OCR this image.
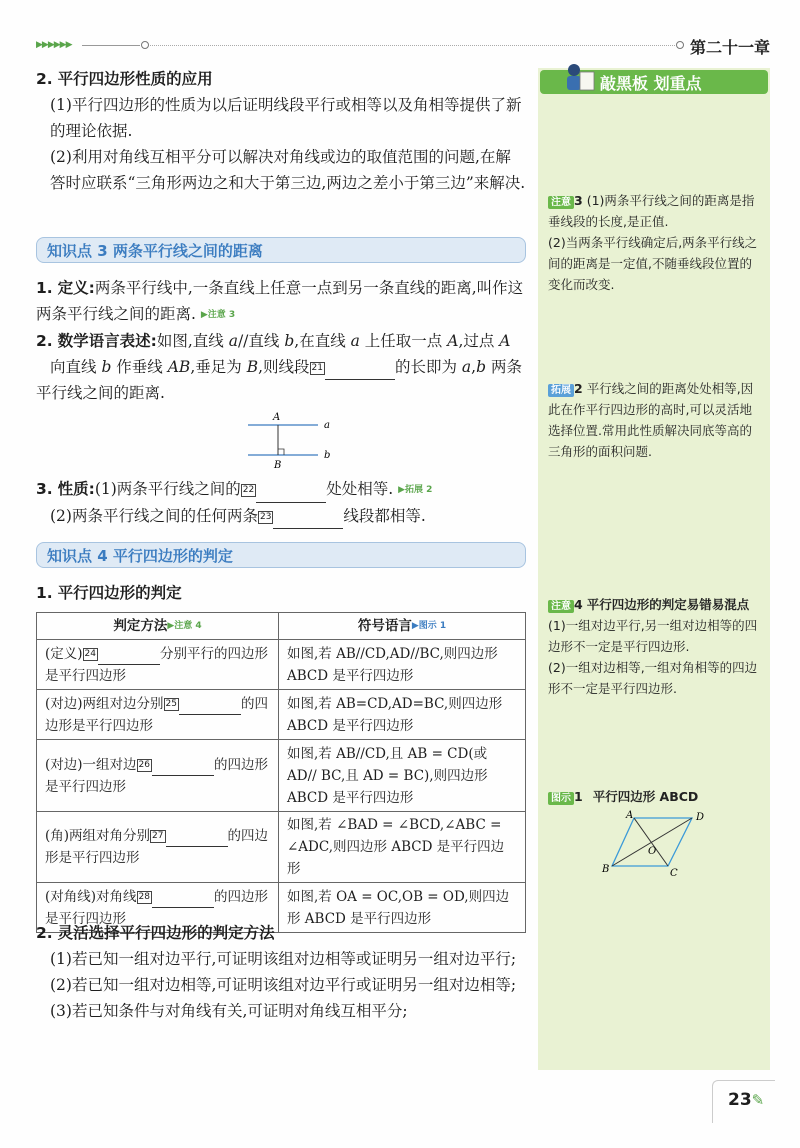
▶▶▶▶▶▶	第二十一章
2. 平行四边形性质的应用
(1)平行四边形的性质为以后证明线段平行或相等以及角相等提供了新的理论依据.
(2)利用对角线互相平分可以解决对角线或边的取值范围的问题,在解答时应联系“三角形两边之和大于第三边,两边之差小于第三边”来解决.
知识点 3 两条平行线之间的距离
1. 定义:两条平行线中,一条直线上任意一点到另一条直线的距离,叫作这两条平行线之间的距离. ▶注意 3
2. 数学语言表述:如图,直线 a//直线 b,在直线 a 上任取一点 A,过点 A
向直线 b 作垂线 AB,垂足为 B,则线段 21	的长即为 a,b 两条平行线之间的距离.
A
B
a
b
3. 性质:(1)两条平行线之间的 22	处处相等. ▶拓展 2
(2)两条平行线之间的任何两条 23	线段都相等.
知识点 4 平行四边形的判定
1. 平行四边形的判定
判定方法▶注意 4	符号语言▶图示 1
(定义) 24 分别平行的四边形是平行四边形	如图,若 AB//CD,AD//BC,则四边形 ABCD 是平行四边形
(对边)两组对边分别 25 的四边形是平行四边形	如图,若 AB=CD,AD=BC,则四边形 ABCD 是平行四边形
(对边)一组对边 26 的四边形是平行四边形	如图,若 AB//CD,且 AB = CD(或 AD// BC,且 AD = BC),则四边形 ABCD 是平行四边形
(角)两组对角分别 27 的四边形是平行四边形	如图,若 ∠BAD = ∠BCD,∠ABC = ∠ADC,则四边形 ABCD 是平行四边形
(对角线)对角线 28 的四边形是平行四边形	如图,若 OA = OC,OB = OD,则四边形 ABCD 是平行四边形
2. 灵活选择平行四边形的判定方法
(1)若已知一组对边平行,可证明该组对边相等或证明另一组对边平行;
(2)若已知一组对边相等,可证明该组对边平行或证明另一组对边相等;
(3)若已知条件与对角线有关,可证明对角线互相平分;
敲黑板 划重点
注意 3 (1)两条平行线之间的距离是指垂线段的长度,是正值.
(2)当两条平行线确定后,两条平行线之间的距离是一定值,不随垂线段位置的变化而改变.
拓展 2 平行线之间的距离处处相等,因此在作平行四边形的高时,可以灵活地选择位置.常用此性质解决同底等高的三角形的面积问题.
注意 4 平行四边形的判定易错易混点
(1)一组对边平行,另一组对边相等的四边形不一定是平行四边形.
(2)一组对边相等,一组对角相等的四边形不一定是平行四边形.
图示 1 平行四边形 ABCD
A	D
B	C
O
23✎
